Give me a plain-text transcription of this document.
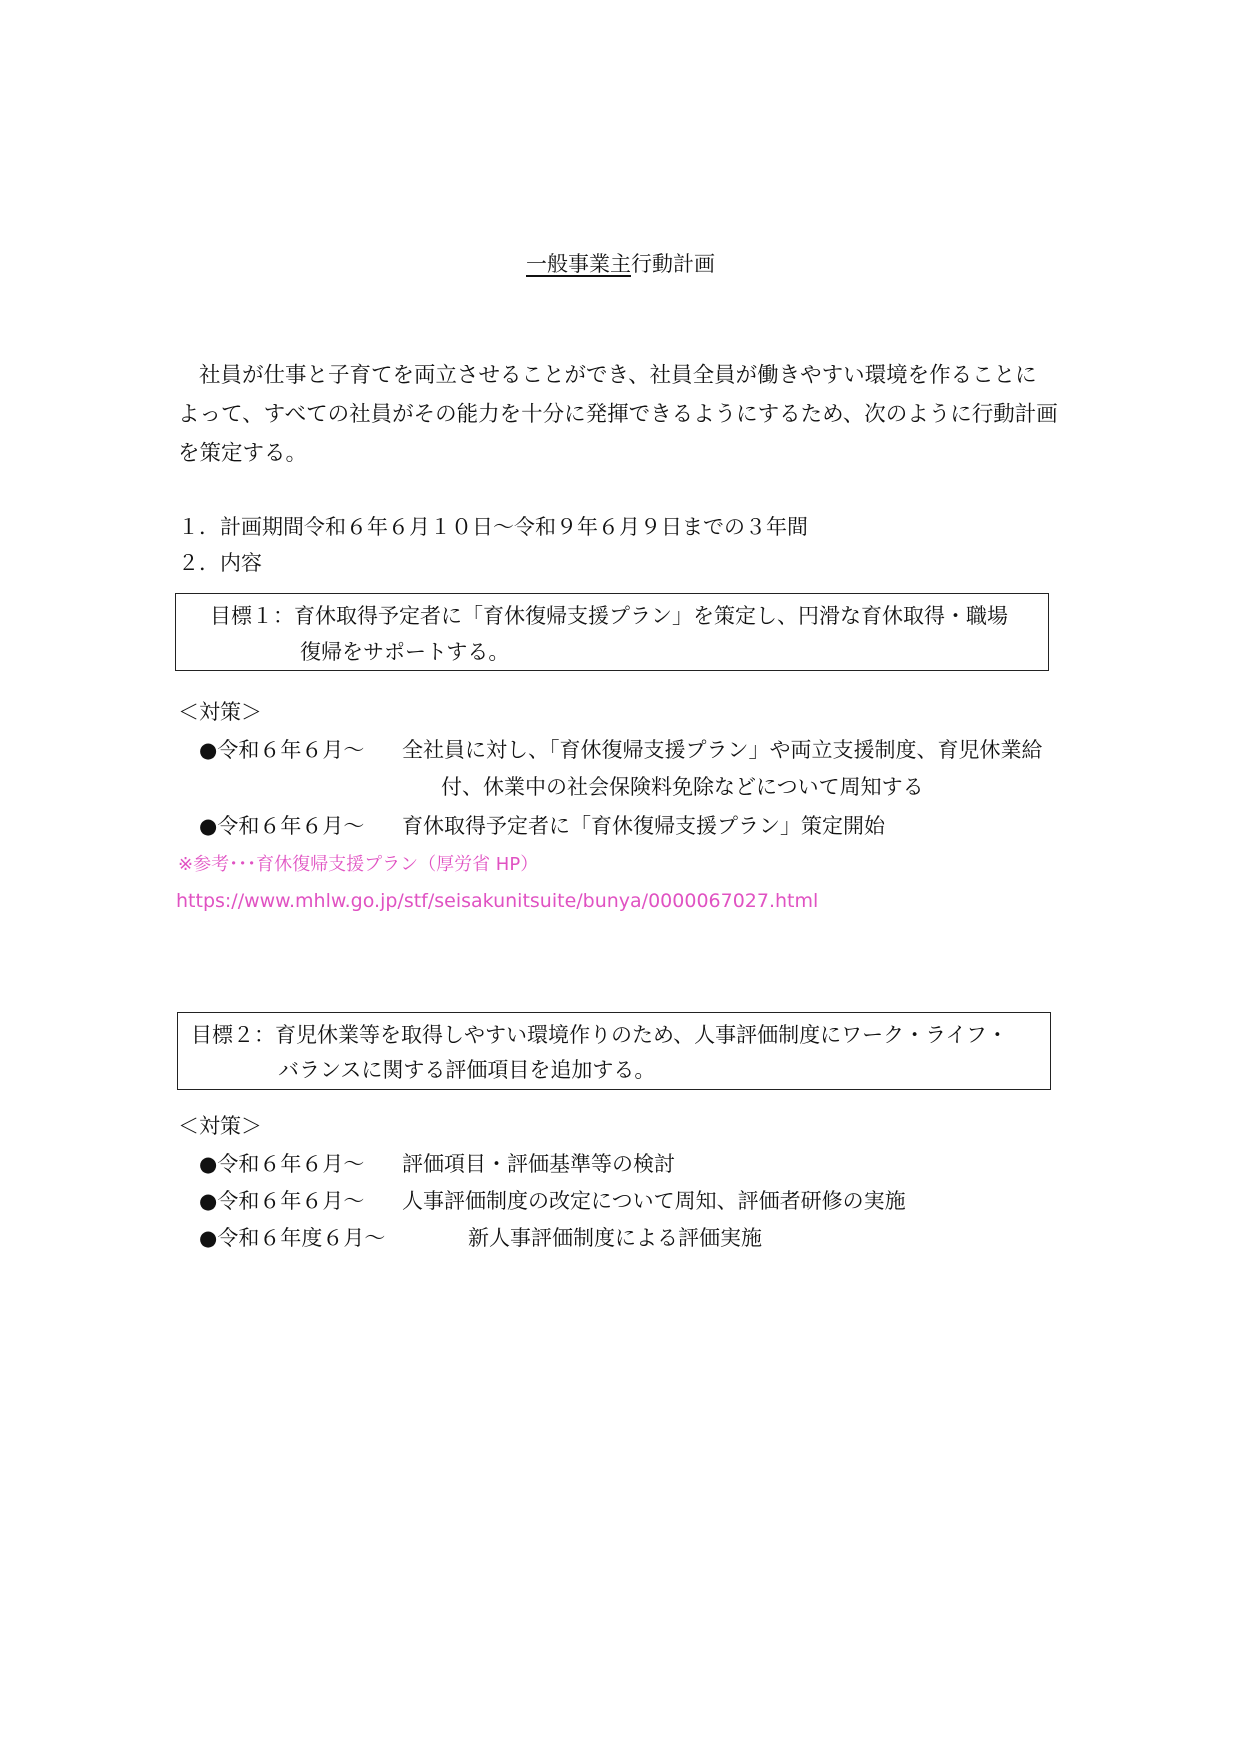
一般事業主行動計画
社員が仕事と子育てを両立させることができ、社員全員が働きやすい環境を作ることに
よって、すべての社員がその能力を十分に発揮できるようにするため、次のように行動計画
を策定する。
１．計画期間令和６年６月１０日～令和９年６月９日までの３年間
２．内容
目標１：育休取得予定者に「育休復帰支援プラン」を策定し、円滑な育休取得・職場
復帰をサポートする。
＜対策＞
●令和６年６月～ 全社員に対し、「育休復帰支援プラン」や両立支援制度、育児休業給
付、休業中の社会保険料免除などについて周知する
●令和６年６月～ 育休取得予定者に「育休復帰支援プラン」策定開始
※参考･･･育休復帰支援プラン（厚労省 HP）
https://www.mhlw.go.jp/stf/seisakunitsuite/bunya/0000067027.html
目標２：育児休業等を取得しやすい環境作りのため、人事評価制度にワーク・ライフ・
バランスに関する評価項目を追加する。
＜対策＞
●令和６年６月～ 評価項目・評価基準等の検討
●令和６年６月～ 人事評価制度の改定について周知、評価者研修の実施
●令和６年度６月～	新人事評価制度による評価実施
